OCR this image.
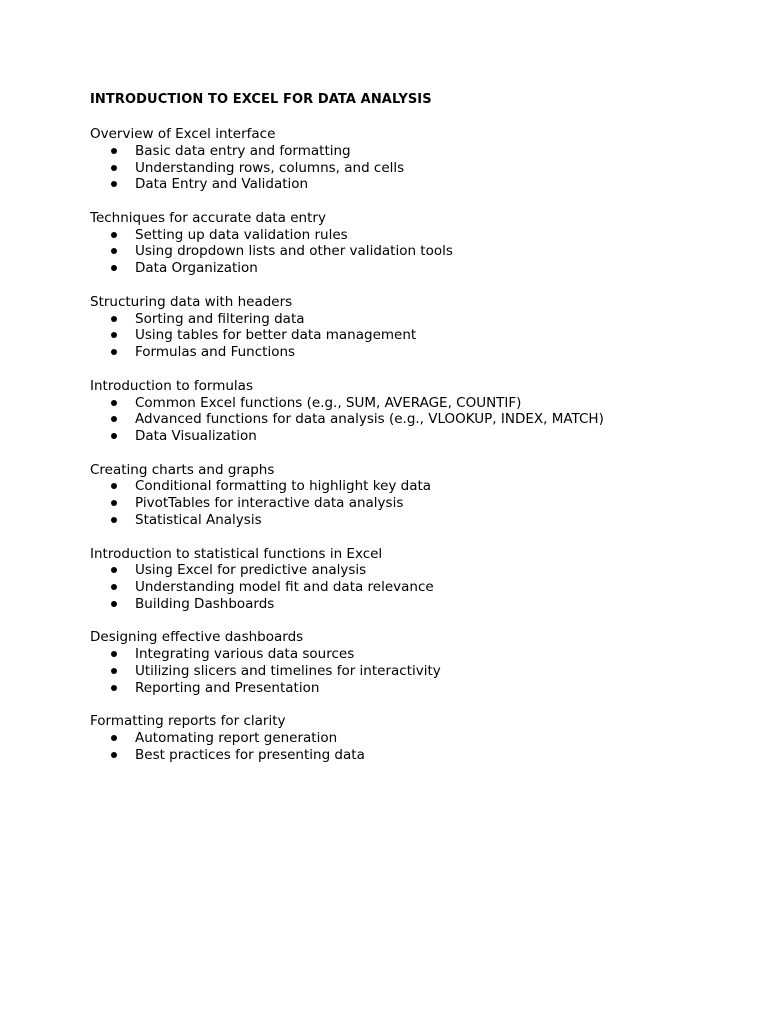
INTRODUCTION TO EXCEL FOR DATA ANALYSIS
Overview of Excel interface
Basic data entry and formatting
Understanding rows, columns, and cells
Data Entry and Validation
Techniques for accurate data entry
Setting up data validation rules
Using dropdown lists and other validation tools
Data Organization
Structuring data with headers
Sorting and filtering data
Using tables for better data management
Formulas and Functions
Introduction to formulas
Common Excel functions (e.g., SUM, AVERAGE, COUNTIF)
Advanced functions for data analysis (e.g., VLOOKUP, INDEX, MATCH)
Data Visualization
Creating charts and graphs
Conditional formatting to highlight key data
PivotTables for interactive data analysis
Statistical Analysis
Introduction to statistical functions in Excel
Using Excel for predictive analysis
Understanding model fit and data relevance
Building Dashboards
Designing effective dashboards
Integrating various data sources
Utilizing slicers and timelines for interactivity
Reporting and Presentation
Formatting reports for clarity
Automating report generation
Best practices for presenting data
